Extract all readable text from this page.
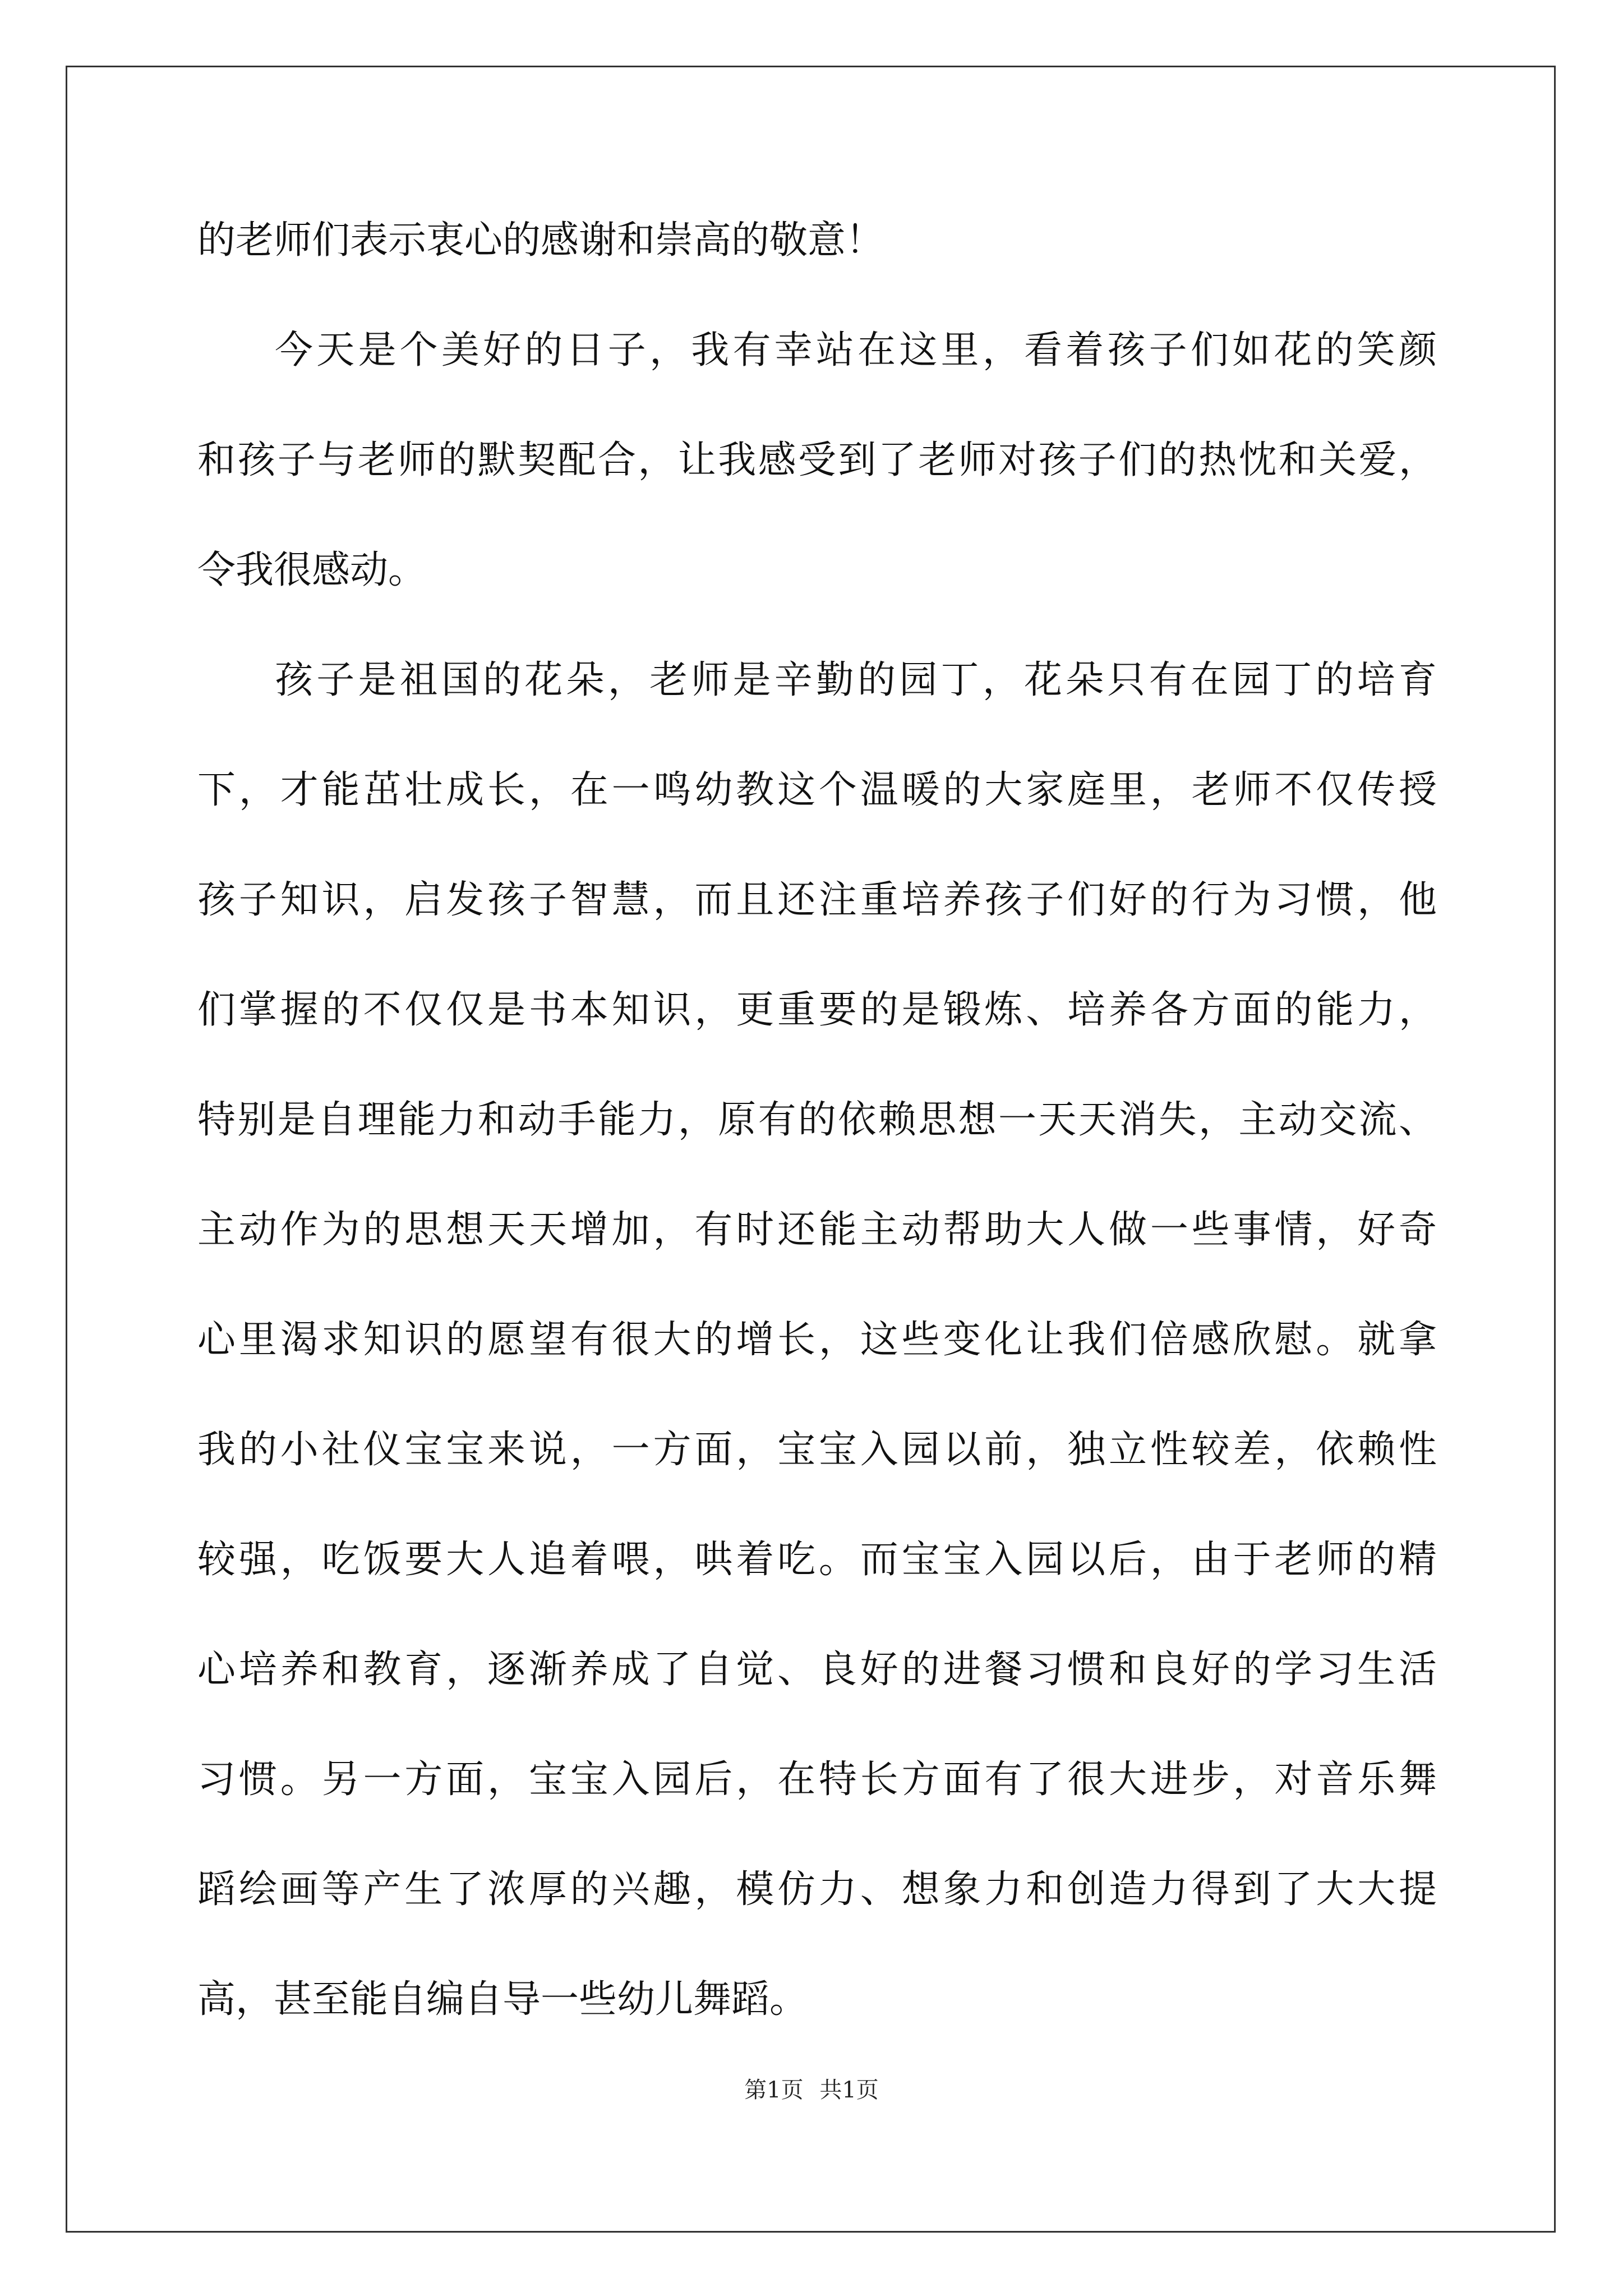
的老师们表示衷心的感谢和崇高的敬意！
今天是个美好的日子，我有幸站在这里，看着孩子们如花的笑颜
和孩子与老师的默契配合，让我感受到了老师对孩子们的热忱和关爱，
令我很感动。
孩子是祖国的花朵，老师是辛勤的园丁，花朵只有在园丁的培育
下，才能茁壮成长，在一鸣幼教这个温暖的大家庭里，老师不仅传授
孩子知识，启发孩子智慧，而且还注重培养孩子们好的行为习惯，他
们掌握的不仅仅是书本知识，更重要的是锻炼、培养各方面的能力，
特别是自理能力和动手能力，原有的依赖思想一天天消失，主动交流、
主动作为的思想天天增加，有时还能主动帮助大人做一些事情，好奇
心里渴求知识的愿望有很大的增长，这些变化让我们倍感欣慰。就拿
我的小社仪宝宝来说，一方面，宝宝入园以前，独立性较差，依赖性
较强，吃饭要大人追着喂，哄着吃。而宝宝入园以后，由于老师的精
心培养和教育，逐渐养成了自觉、良好的进餐习惯和良好的学习生活
习惯。另一方面，宝宝入园后，在特长方面有了很大进步，对音乐舞
蹈绘画等产生了浓厚的兴趣，模仿力、想象力和创造力得到了大大提
高，甚至能自编自导一些幼儿舞蹈。
第1页 共1页
